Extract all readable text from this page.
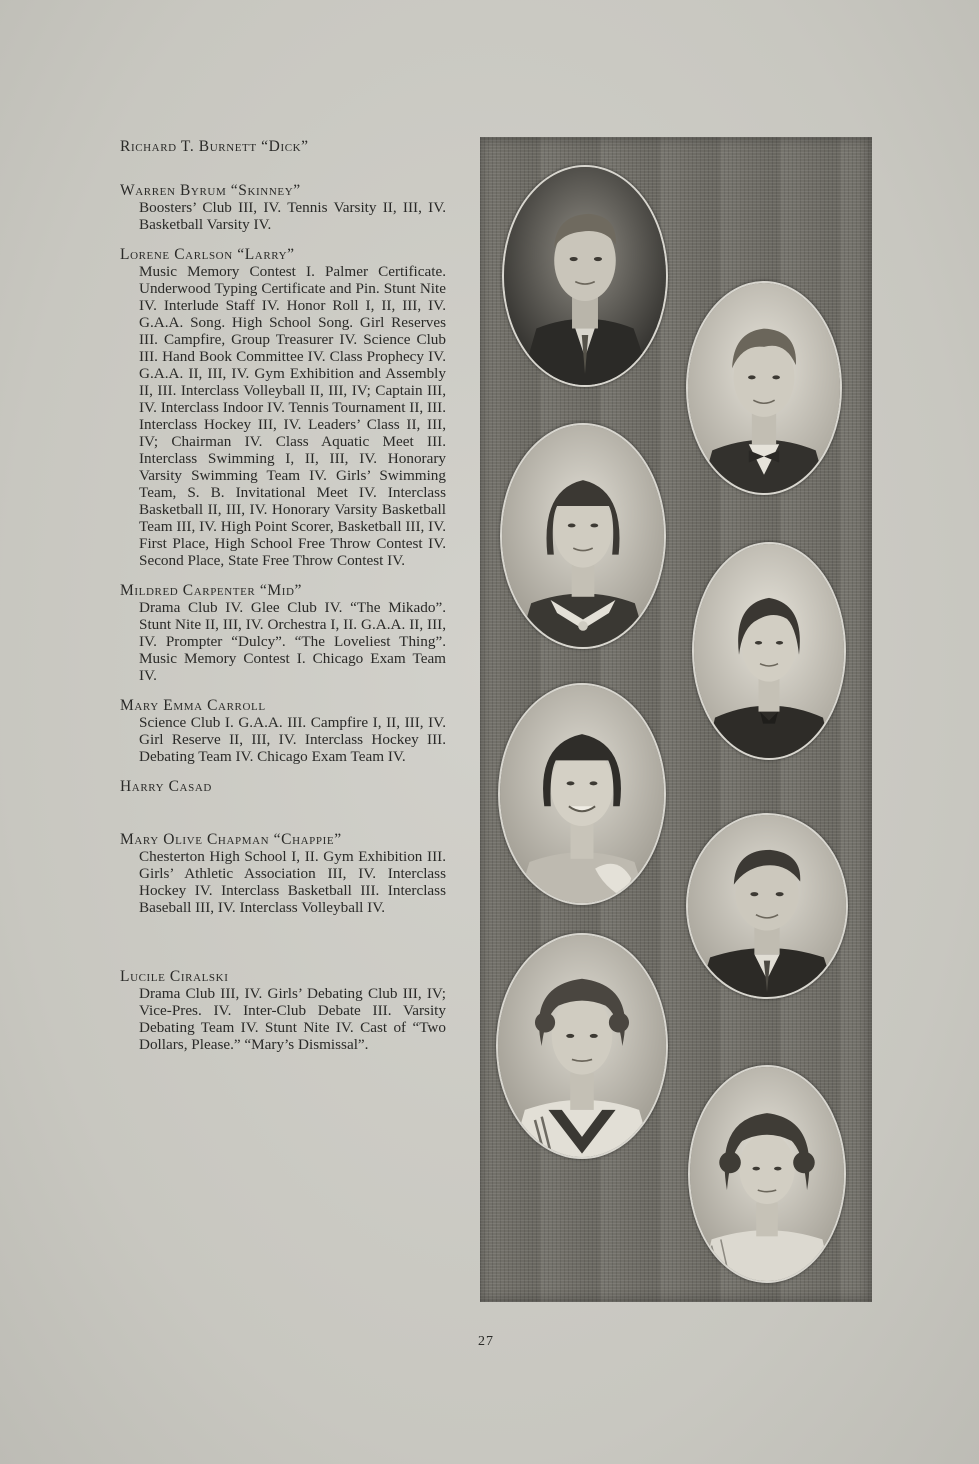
Richard T. Burnett “Dick”

Warren Byrum “Skinney”

Boosters’ Club III, IV. Tennis Varsity II, III, IV. Basketball Varsity IV.

Lorene Carlson “Larry”

Music Memory Contest I. Palmer Certificate. Underwood Typing Certificate and Pin. Stunt Nite IV. Interlude Staff IV. Honor Roll I, II, III, IV. G.A.A. Song. High School Song. Girl Reserves III. Campfire, Group Treasurer IV. Science Club III. Hand Book Committee IV. Class Prophecy IV. G.A.A. II, III, IV. Gym Exhibition and Assembly II, III. Interclass Volleyball II, III, IV; Captain III, IV. Interclass Indoor IV. Tennis Tournament II, III. Interclass Hockey III, IV. Leaders’ Class II, III, IV; Chairman IV. Class Aquatic Meet III. Interclass Swimming I, II, III, IV. Honorary Varsity Swimming Team IV. Girls’ Swimming Team, S. B. Invitational Meet IV. Interclass Basketball II, III, IV. Honorary Varsity Basketball Team III, IV. High Point Scorer, Basketball III, IV. First Place, High School Free Throw Contest IV. Second Place, State Free Throw Contest IV.

Mildred Carpenter “Mid”

Drama Club IV. Glee Club IV. “The Mikado”. Stunt Nite II, III, IV. Orchestra I, II. G.A.A. II, III, IV. Prompter “Dulcy”. “The Loveliest Thing”. Music Memory Contest I. Chicago Exam Team IV.

Mary Emma Carroll

Science Club I. G.A.A. III. Campfire I, II, III, IV. Girl Reserve II, III, IV. Interclass Hockey III. Debating Team IV. Chicago Exam Team IV.

Harry Casad

Mary Olive Chapman “Chappie”

Chesterton High School I, II. Gym Exhibition III. Girls’ Athletic Association III, IV. Interclass Hockey IV. Interclass Basketball III. Interclass Baseball III, IV. Interclass Volleyball IV.

Lucile Ciralski

Drama Club III, IV. Girls’ Debating Club III, IV; Vice-Pres. IV. Inter-Club Debate III. Varsity Debating Team IV. Stunt Nite IV. Cast of “Two Dollars, Please.” “Mary’s Dismissal”.

27
